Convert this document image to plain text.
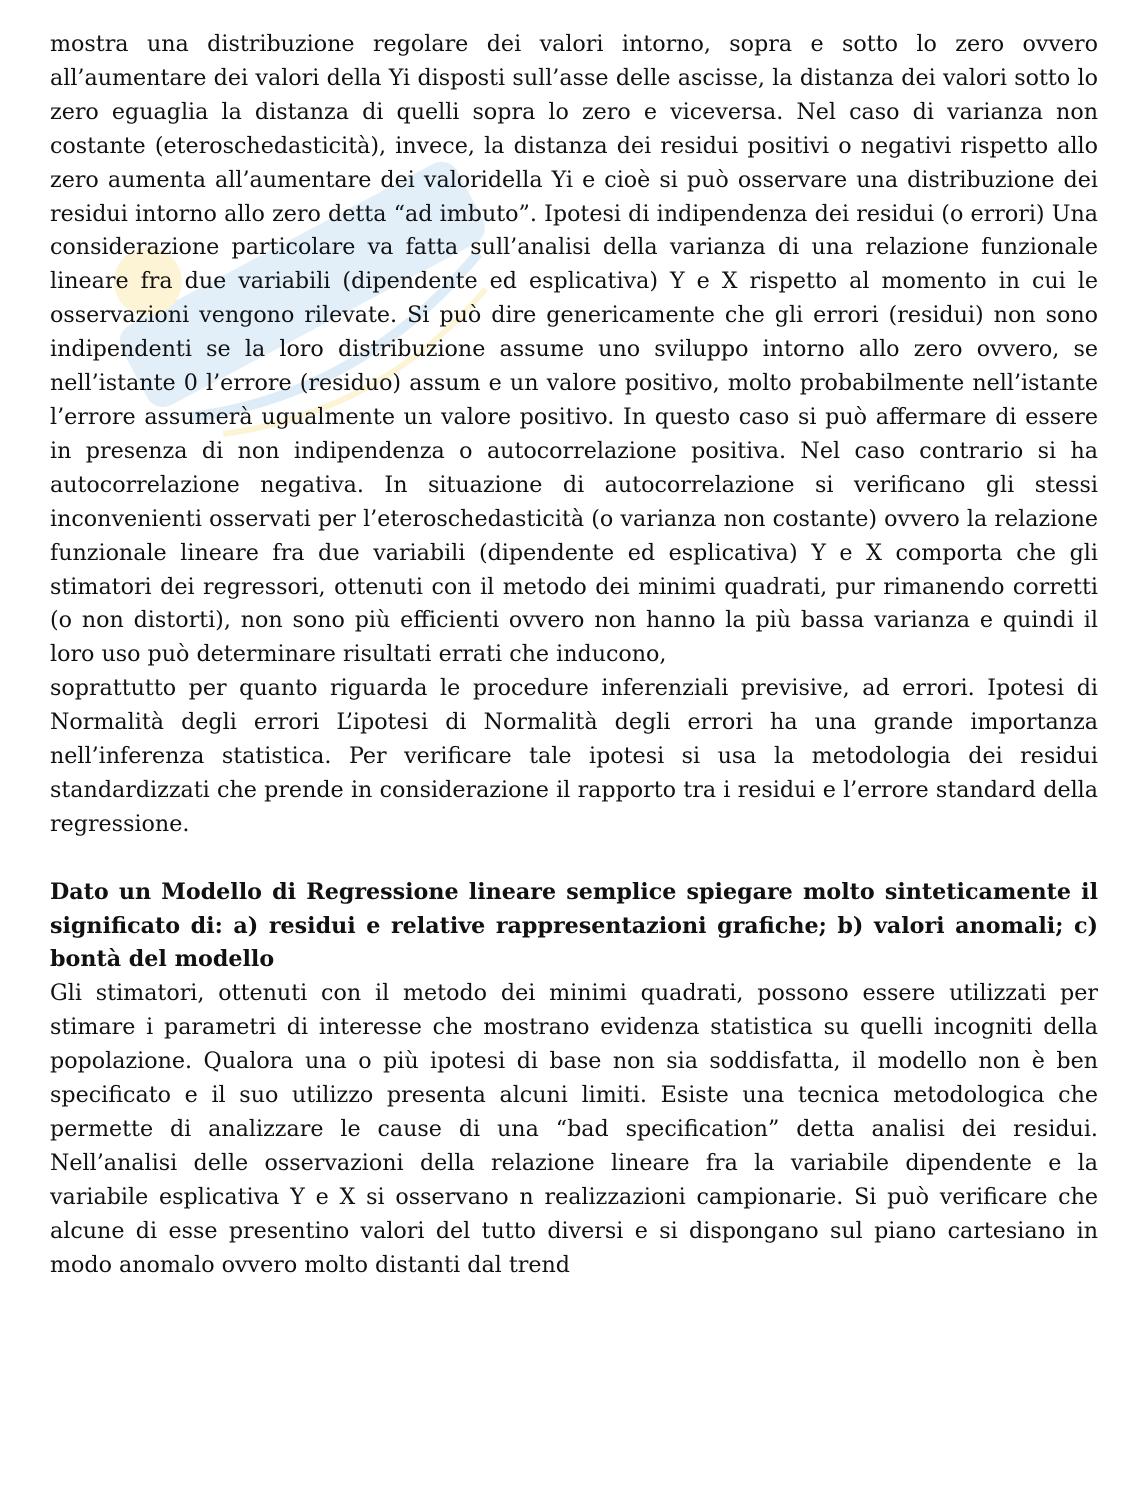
mostra una distribuzione regolare dei valori intorno, sopra e sotto lo zero ovvero all’aumentare dei valori della Yi disposti sull’asse delle ascisse, la distanza dei valori sotto lo zero eguaglia la distanza di quelli sopra lo zero e viceversa. Nel caso di varianza non costante (eteroschedasticità), invece, la distanza dei residui positivi o negativi rispetto allo zero aumenta all’aumentare dei valoridella Yi e cioè si può osservare una distribuzione dei residui intorno allo zero detta “ad imbuto”. Ipotesi di indipendenza dei residui (o errori) Una considerazione particolare va fatta sull’analisi della varianza di una relazione funzionale lineare fra due variabili (dipendente ed esplicativa) Y e X rispetto al momento in cui le osservazioni vengono rilevate. Si può dire genericamente che gli errori (residui) non sono indipendenti se la loro distribuzione assume uno sviluppo intorno allo zero ovvero, se nell’istante 0 l’errore (residuo) assum e un valore positivo, molto probabilmente nell’istante l’errore assumerà ugualmente un valore positivo. In questo caso si può affermare di essere in presenza di non indipendenza o autocorrelazione positiva. Nel caso contrario si ha autocorrelazione negativa. In situazione di autocorrelazione si verificano gli stessi inconvenienti osservati per l’eteroschedasticità (o varianza non costante) ovvero la relazione funzionale lineare fra due variabili (dipendente ed esplicativa) Y e X comporta che gli stimatori dei regressori, ottenuti con il metodo dei minimi quadrati, pur rimanendo corretti (o non distorti), non sono più efficienti ovvero non hanno la più bassa varianza e quindi il loro uso può determinare risultati errati che inducono,

soprattutto per quanto riguarda le procedure inferenziali previsive, ad errori. Ipotesi di Normalità degli errori L’ipotesi di Normalità degli errori ha una grande importanza nell’inferenza statistica. Per verificare tale ipotesi si usa la metodologia dei residui standardizzati che prende in considerazione il rapporto tra i residui e l’errore standard della regressione.

Dato un Modello di Regressione lineare semplice spiegare molto sinteticamente il significato di: a) residui e relative rappresentazioni grafiche; b) valori anomali; c) bontà del modello

Gli stimatori, ottenuti con il metodo dei minimi quadrati, possono essere utilizzati per stimare i parametri di interesse che mostrano evidenza statistica su quelli incogniti della popolazione. Qualora una o più ipotesi di base non sia soddisfatta, il modello non è ben specificato e il suo utilizzo presenta alcuni limiti. Esiste una tecnica metodologica che permette di analizzare le cause di una “bad specification” detta analisi dei residui. Nell’analisi delle osservazioni della relazione lineare fra la variabile dipendente e la variabile esplicativa Y e X si osservano n realizzazioni campionarie. Si può verificare che alcune di esse presentino valori del tutto diversi e si dispongano sul piano cartesiano in modo anomalo ovvero molto distanti dal trend
